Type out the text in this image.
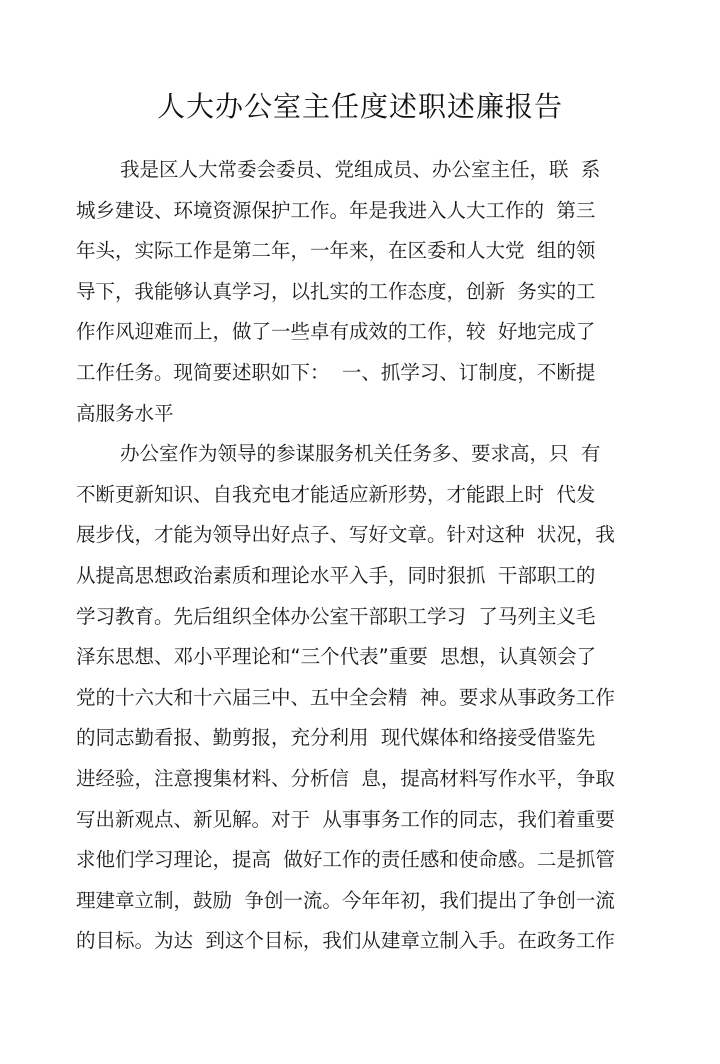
人大办公室主任度述职述廉报告
我是区人大常委会委员、党组成员、办公室主任，联  系
城乡建设、环境资源保护工作。年是我进入人大工作的  第三
年头，实际工作是第二年，一年来，在区委和人大党  组的领
导下，我能够认真学习，以扎实的工作态度，创新  务实的工
作作风迎难而上，做了一些卓有成效的工作，较  好地完成了
工作任务。现简要述职如下：  一、抓学习、订制度，不断提
高服务水平
办公室作为领导的参谋服务机关任务多、要求高，只  有
不断更新知识、自我充电才能适应新形势，才能跟上时  代发
展步伐，才能为领导出好点子、写好文章。针对这种  状况，我
从提高思想政治素质和理论水平入手，同时狠抓  干部职工的
学习教育。先后组织全体办公室干部职工学习  了马列主义毛
泽东思想、邓小平理论和“三个代表”重要  思想，认真领会了
党的十六大和十六届三中、五中全会精  神。要求从事政务工作
的同志勤看报、勤剪报，充分利用  现代媒体和络接受借鉴先
进经验，注意搜集材料、分析信  息，提高材料写作水平，争取
写出新观点、新见解。对于  从事事务工作的同志，我们着重要
求他们学习理论，提高  做好工作的责任感和使命感。二是抓管
理建章立制，鼓励  争创一流。今年年初，我们提出了争创一流
的目标。为达  到这个目标，我们从建章立制入手。在政务工作
